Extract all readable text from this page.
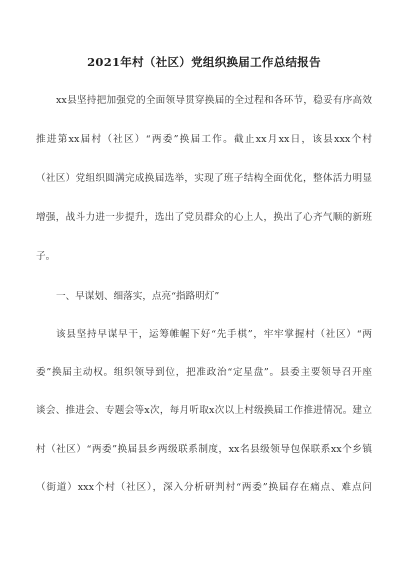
2021年村（社区）党组织换届工作总结报告
xx县坚持把加强党的全面领导贯穿换届的全过程和各环节，稳妥有序高效
推进第xx届村（社区）“两委”换届工作。截止xx月xx日，该县xxx个村
（社区）党组织圆满完成换届选举，实现了班子结构全面优化，整体活力明显
增强，战斗力进一步提升，选出了党员群众的心上人，换出了心齐气顺的新班
子。
一、早谋划、细落实，点亮“指路明灯”
该县坚持早谋早干，运筹帷幄下好“先手棋”，牢牢掌握村（社区）“两
委”换届主动权。组织领导到位，把准政治“定星盘”。县委主要领导召开座
谈会、推进会、专题会等x次，每月听取x次以上村级换届工作推进情况。建立
村（社区）“两委”换届县乡两级联系制度，xx名县级领导包保联系xx个乡镇
（街道）xxx个村（社区），深入分析研判村“两委”换届存在痛点、难点问
